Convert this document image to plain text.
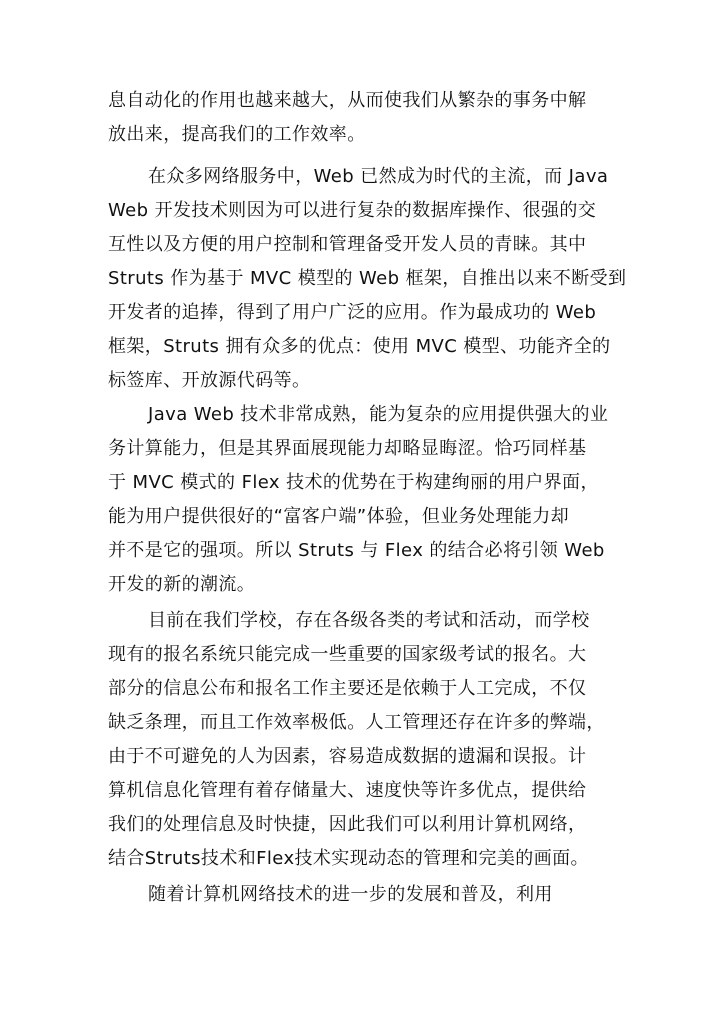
息自动化的作用也越来越大，从而使我们从繁杂的事务中解
放出来，提高我们的工作效率。
在众多网络服务中，Web 已然成为时代的主流，而 Java
Web 开发技术则因为可以进行复杂的数据库操作、很强的交
互性以及方便的用户控制和管理备受开发人员的青睐。其中
Struts 作为基于 MVC 模型的 Web 框架，自推出以来不断受到
开发者的追捧，得到了用户广泛的应用。作为最成功的 Web
框架，Struts 拥有众多的优点：使用 MVC 模型、功能齐全的
标签库、开放源代码等。
Java Web 技术非常成熟，能为复杂的应用提供强大的业
务计算能力，但是其界面展现能力却略显晦涩。恰巧同样基
于 MVC 模式的 Flex 技术的优势在于构建绚丽的用户界面，
能为用户提供很好的“富客户端”体验，但业务处理能力却
并不是它的强项。所以 Struts 与 Flex 的结合必将引领 Web
开发的新的潮流。
目前在我们学校，存在各级各类的考试和活动，而学校
现有的报名系统只能完成一些重要的国家级考试的报名。大
部分的信息公布和报名工作主要还是依赖于人工完成，不仅
缺乏条理，而且工作效率极低。人工管理还存在许多的弊端，
由于不可避免的人为因素，容易造成数据的遗漏和误报。计
算机信息化管理有着存储量大、速度快等许多优点，提供给
我们的处理信息及时快捷，因此我们可以利用计算机网络，
结合Struts技术和Flex技术实现动态的管理和完美的画面。
随着计算机网络技术的进一步的发展和普及，利用
